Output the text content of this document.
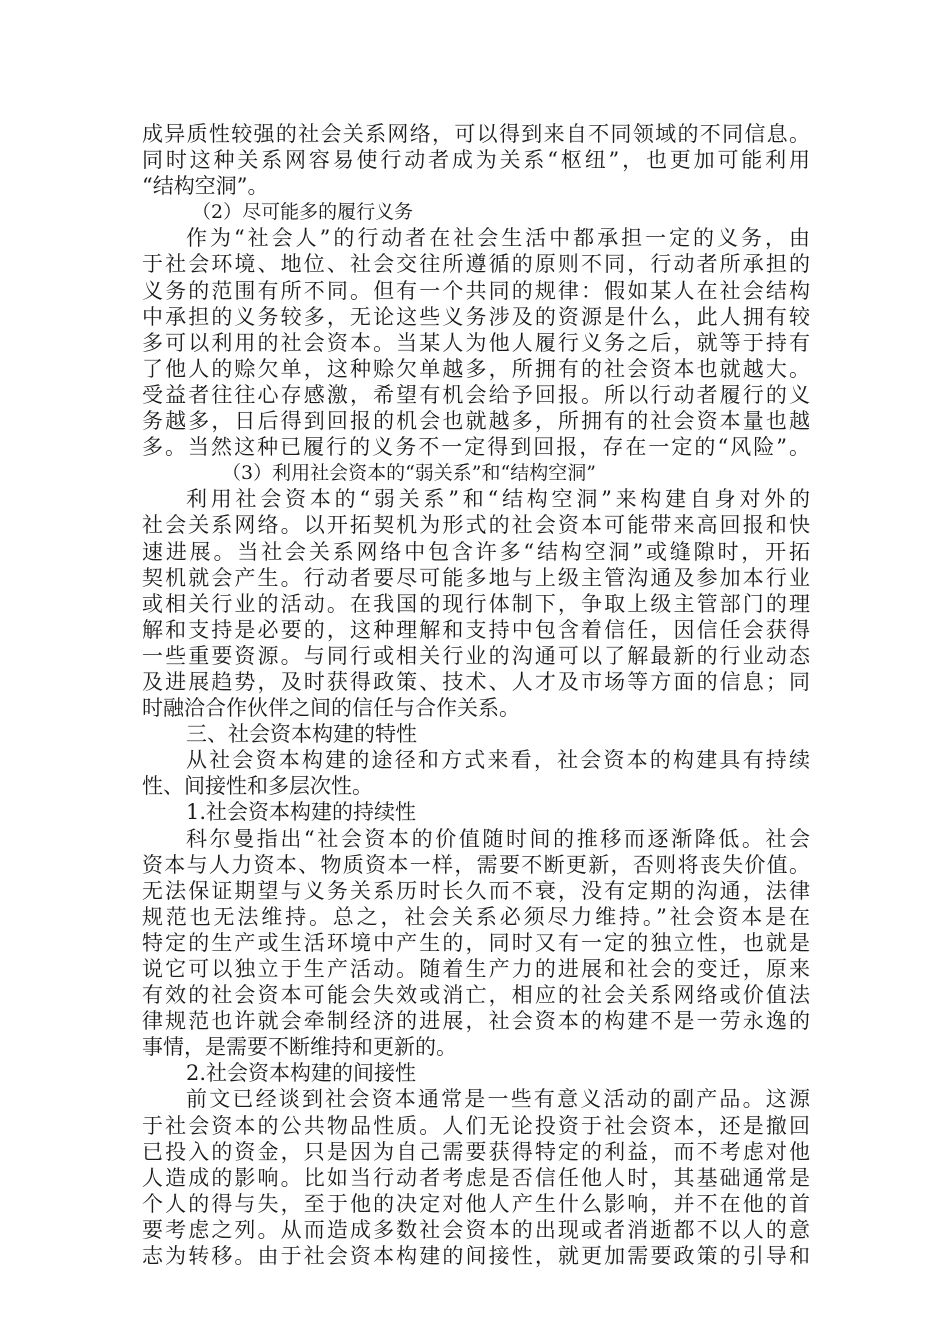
成异质性较强的社会关系网络，可以得到来自不同领域的不同信息。
同时这种关系网容易使行动者成为关系“枢纽”，也更加可能利用
“结构空洞”。
（2）尽可能多的履行义务
作为“社会人”的行动者在社会生活中都承担一定的义务，由
于社会环境、地位、社会交往所遵循的原则不同，行动者所承担的
义务的范围有所不同。但有一个共同的规律：假如某人在社会结构
中承担的义务较多，无论这些义务涉及的资源是什么，此人拥有较
多可以利用的社会资本。当某人为他人履行义务之后，就等于持有
了他人的赊欠单，这种赊欠单越多，所拥有的社会资本也就越大。
受益者往往心存感激，希望有机会给予回报。所以行动者履行的义
务越多，日后得到回报的机会也就越多，所拥有的社会资本量也越
多。当然这种已履行的义务不一定得到回报，存在一定的“风险”。
（3）利用社会资本的“弱关系”和“结构空洞”
利用社会资本的“弱关系”和“结构空洞”来构建自身对外的
社会关系网络。以开拓契机为形式的社会资本可能带来高回报和快
速进展。当社会关系网络中包含许多“结构空洞”或缝隙时，开拓
契机就会产生。行动者要尽可能多地与上级主管沟通及参加本行业
或相关行业的活动。在我国的现行体制下，争取上级主管部门的理
解和支持是必要的，这种理解和支持中包含着信任，因信任会获得
一些重要资源。与同行或相关行业的沟通可以了解最新的行业动态
及进展趋势，及时获得政策、技术、人才及市场等方面的信息；同
时融洽合作伙伴之间的信任与合作关系。
三、社会资本构建的特性
从社会资本构建的途径和方式来看，社会资本的构建具有持续
性、间接性和多层次性。
1.社会资本构建的持续性
科尔曼指出“社会资本的价值随时间的推移而逐渐降低。社会
资本与人力资本、物质资本一样，需要不断更新，否则将丧失价值。
无法保证期望与义务关系历时长久而不衰，没有定期的沟通，法律
规范也无法维持。总之，社会关系必须尽力维持。”社会资本是在
特定的生产或生活环境中产生的，同时又有一定的独立性，也就是
说它可以独立于生产活动。随着生产力的进展和社会的变迁，原来
有效的社会资本可能会失效或消亡，相应的社会关系网络或价值法
律规范也许就会牵制经济的进展，社会资本的构建不是一劳永逸的
事情，是需要不断维持和更新的。
2.社会资本构建的间接性
前文已经谈到社会资本通常是一些有意义活动的副产品。这源
于社会资本的公共物品性质。人们无论投资于社会资本，还是撤回
已投入的资金，只是因为自己需要获得特定的利益，而不考虑对他
人造成的影响。比如当行动者考虑是否信任他人时，其基础通常是
个人的得与失，至于他的决定对他人产生什么影响，并不在他的首
要考虑之列。从而造成多数社会资本的出现或者消逝都不以人的意
志为转移。由于社会资本构建的间接性，就更加需要政策的引导和
